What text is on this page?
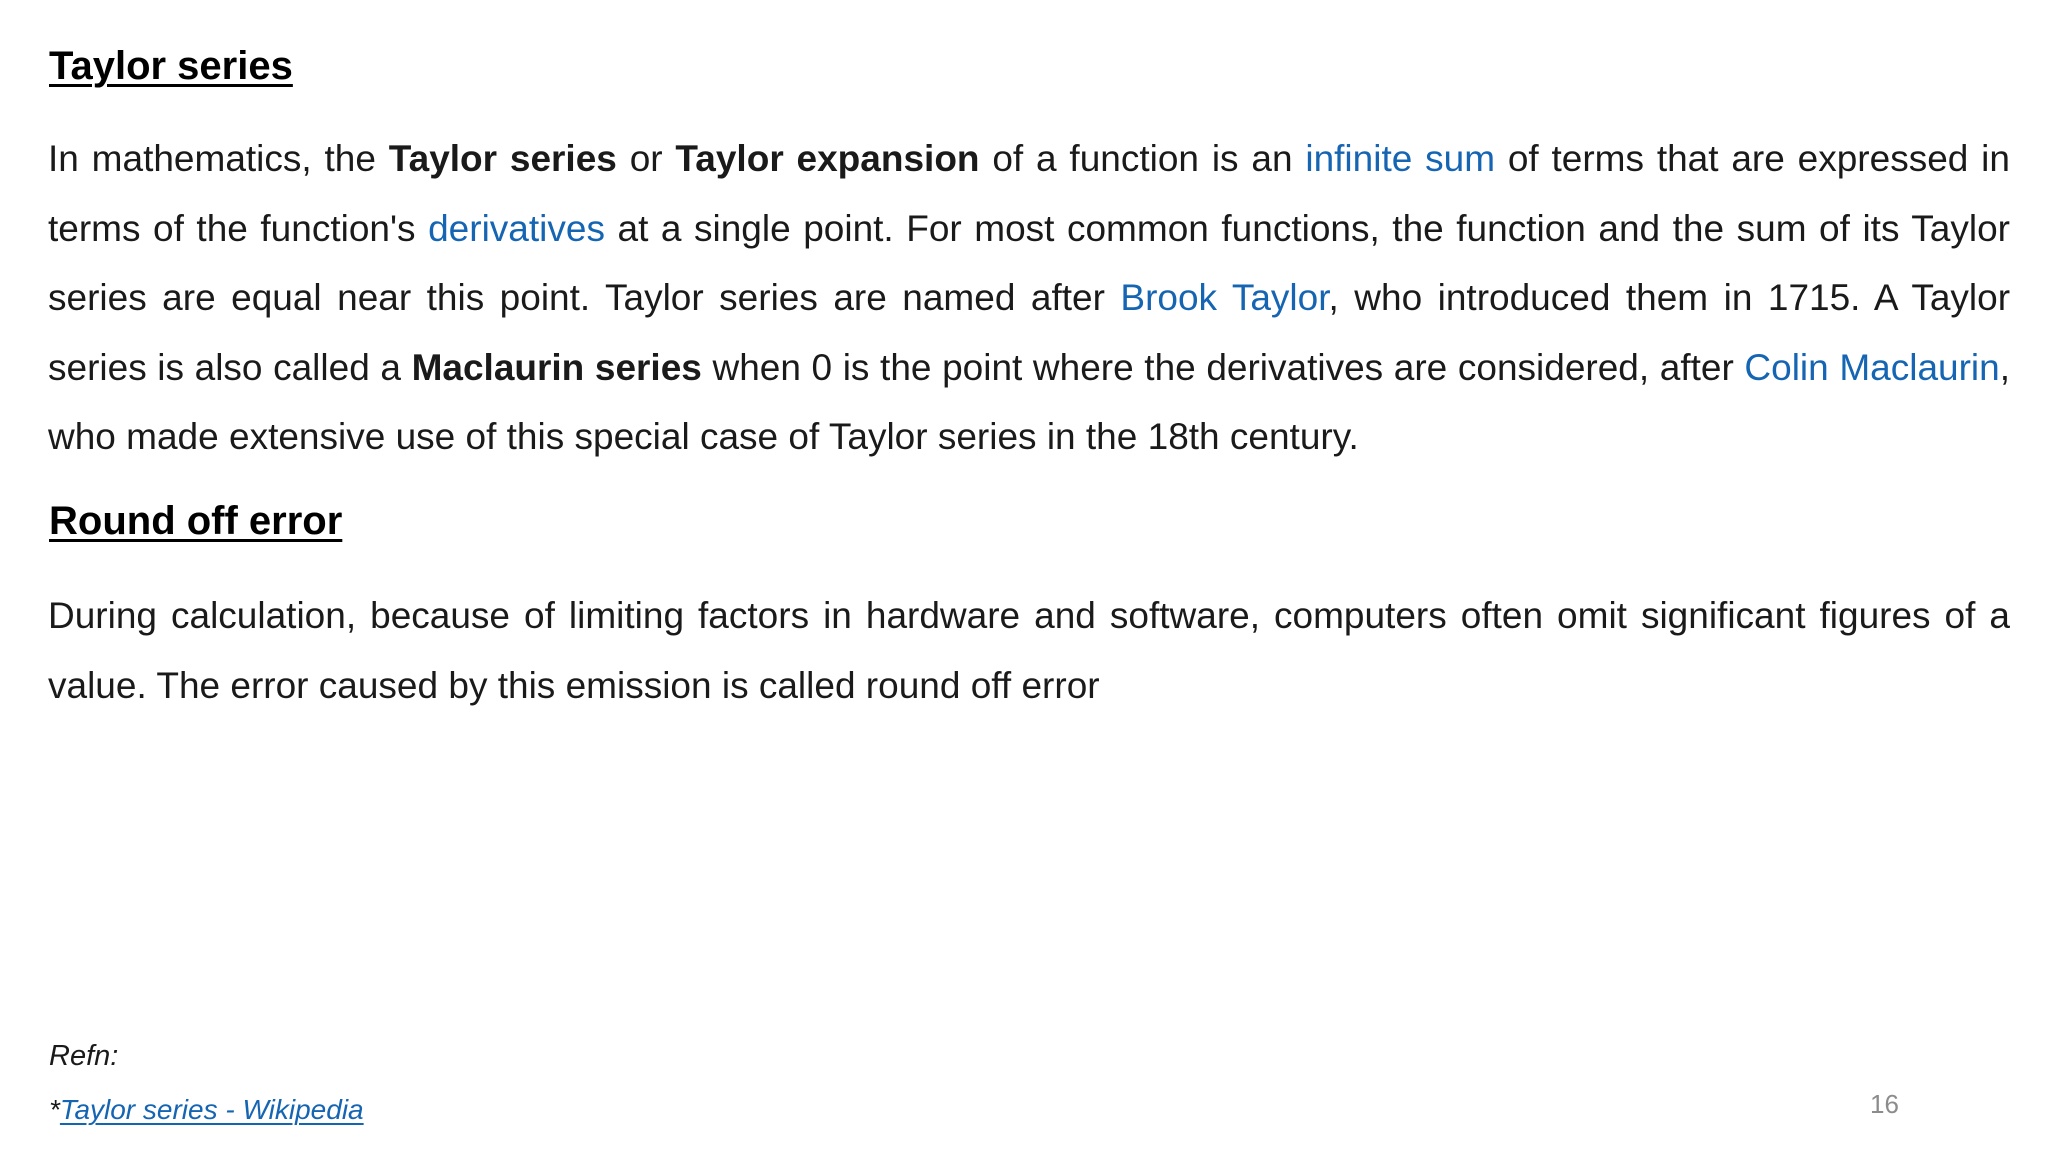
Taylor series

In mathematics, the Taylor series or Taylor expansion of a function is an infinite sum of terms that are expressed in terms of the function's derivatives at a single point. For most common functions, the function and the sum of its Taylor series are equal near this point. Taylor series are named after Brook Taylor, who introduced them in 1715. A Taylor series is also called a Maclaurin series when 0 is the point where the derivatives are considered, after Colin Maclaurin, who made extensive use of this special case of Taylor series in the 18th century.

Round off error

During calculation, because of limiting factors in hardware and software, computers often omit significant figures of a value. The error caused by this emission is called round off error

Refn:
*Taylor series - Wikipedia	16
